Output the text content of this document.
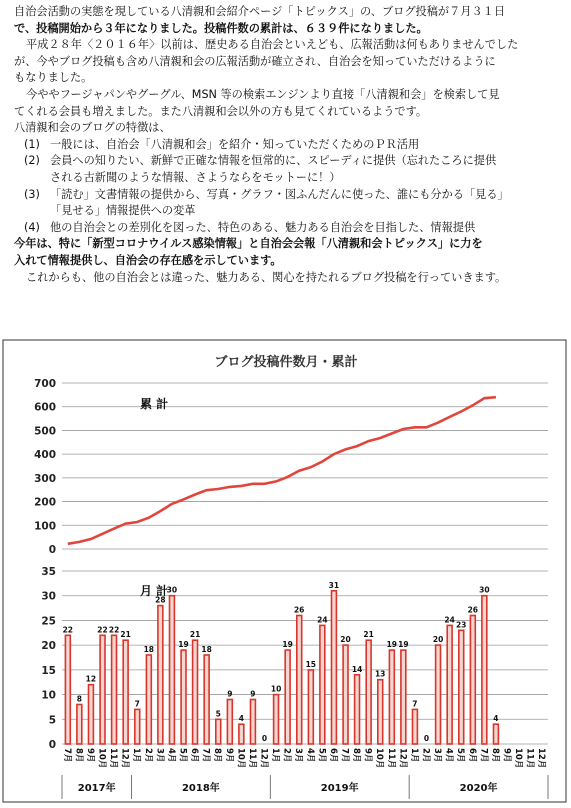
自治会活動の実態を現している八清親和会紹介ページ「トピックス」の、ブログ投稿が７月３１日

で、投稿開始から３年になりました。投稿件数の累計は、６３９件になりました。

平成２８年〈２０１６年〉以前は、歴史ある自治会といえども、広報活動は何もありませんでした

が、今やブログ投稿も含め八清親和会の広報活動が確立され、自治会を知っていただけるように

もなりました。

今ややフージャパンやグーグル、MSN 等の検索エンジンより直接「八清親和会」を検索して見

てくれる会員も増えました。また八清親和会以外の方も見てくれているようです。

八清親和会のブログの特徴は、

(1) 一般には、自治会「八清親和会」を紹介・知っていただくためのＰＲ活用

(2) 会員への知りたい、新鮮で正確な情報を恒常的に、スピーディに提供（忘れたころに提供

される古新聞のような情報、さようならをモットーに！）

(3) 「読む」文書情報の提供から、写真・グラフ・図ふんだんに使った、誰にも分かる「見る」

「見せる」情報提供への変革

(4) 他の自治会との差別化を図った、特色のある、魅力ある自治会を目指した、情報提供

今年は、特に「新型コロナウイルス感染情報」と自治会会報「八清親和会トピックス」に力を

入れて情報提供し、自治会の存在感を示しています。

これからも、他の自治会とは違った、魅力ある、関心を持たれるブログ投稿を行っていきます。

ブログ投稿件数月・累計
0
100
200
300
400
500
600
700
0
5
10
15
20
25
30
35
累 計
月 計
22
8
12
22 22
21
7
18
28
30
19
21
18
5
9
4
9
0
10
19
26
15
24
31
20
14
21
13
19 19
7
0
20
24
23
26
30
4
7月 8月 9月 10月 11月 12月 1月 2月 3月 4月 5月 6月 7月 8月 9月 10月 11月 12月 1月 2月 3月 4月 5月 6月 7月 8月 9月 10月 11月 12月 1月 2月 3月 4月 5月 6月 7月 8月 9月 10月 11月 12月
2017年	2018年	2019年	2020年
